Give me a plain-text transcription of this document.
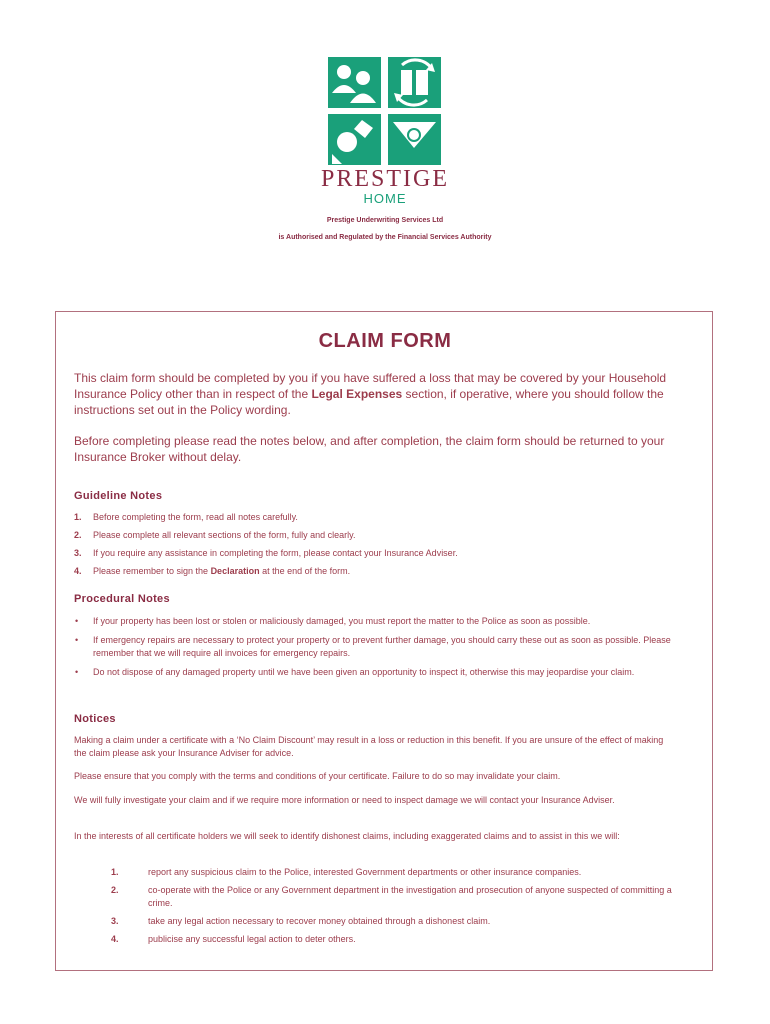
PRESTIGE
HOME
Prestige Underwriting Services Ltd
is Authorised and Regulated by the Financial Services Authority
CLAIM FORM

This claim form should be completed by you if you have suffered a loss that may be covered by your Household Insurance Policy other than in respect of the Legal Expenses section, if operative, where you should follow the instructions set out in the Policy wording.

Before completing please read the notes below, and after completion, the claim form should be returned to your Insurance Broker without delay.

Guideline Notes
1. Before completing the form, read all notes carefully.
2. Please complete all relevant sections of the form, fully and clearly.
3. If you require any assistance in completing the form, please contact your Insurance Adviser.
4. Please remember to sign the Declaration at the end of the form.
Procedural Notes
• If your property has been lost or stolen or maliciously damaged, you must report the matter to the Police as soon as possible.
• If emergency repairs are necessary to protect your property or to prevent further damage, you should carry these out as soon as possible. Please remember that we will require all invoices for emergency repairs.
• Do not dispose of any damaged property until we have been given an opportunity to inspect it, otherwise this may jeopardise your claim.
Notices

Making a claim under a certificate with a ‘No Claim Discount’ may result in a loss or reduction in this benefit. If you are unsure of the effect of making the claim please ask your Insurance Adviser for advice.

Please ensure that you comply with the terms and conditions of your certificate. Failure to do so may invalidate your claim.

We will fully investigate your claim and if we require more information or need to inspect damage we will contact your Insurance Adviser.

In the interests of all certificate holders we will seek to identify dishonest claims, including exaggerated claims and to assist in this we will:

1.	report any suspicious claim to the Police, interested Government departments or other insurance companies.
2.	co-operate with the Police or any Government department in the investigation and prosecution of anyone suspected of committing a crime.
3.	take any legal action necessary to recover money obtained through a dishonest claim.
4.	publicise any successful legal action to deter others.
